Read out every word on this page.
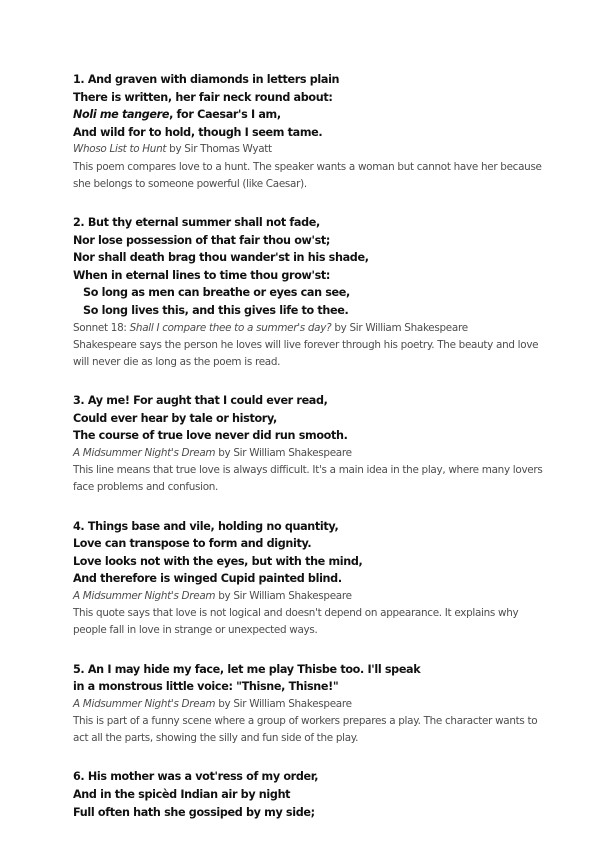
1. And graven with diamonds in letters plain
There is written, her fair neck round about:
Noli me tangere, for Caesar's I am,
And wild for to hold, though I seem tame.
Whoso List to Hunt by Sir Thomas Wyatt
This poem compares love to a hunt. The speaker wants a woman but cannot have her because she belongs to someone powerful (like Caesar).
2. But thy eternal summer shall not fade,
Nor lose possession of that fair thou ow'st;
Nor shall death brag thou wander'st in his shade,
When in eternal lines to time thou grow'st:
So long as men can breathe or eyes can see,
So long lives this, and this gives life to thee.
Sonnet 18: Shall I compare thee to a summer's day? by Sir William Shakespeare
Shakespeare says the person he loves will live forever through his poetry. The beauty and love will never die as long as the poem is read.
3. Ay me! For aught that I could ever read,
Could ever hear by tale or history,
The course of true love never did run smooth.
A Midsummer Night's Dream by Sir William Shakespeare
This line means that true love is always difficult. It's a main idea in the play, where many lovers face problems and confusion.
4. Things base and vile, holding no quantity,
Love can transpose to form and dignity.
Love looks not with the eyes, but with the mind,
And therefore is winged Cupid painted blind.
A Midsummer Night's Dream by Sir William Shakespeare
This quote says that love is not logical and doesn't depend on appearance. It explains why people fall in love in strange or unexpected ways.
5. An I may hide my face, let me play Thisbe too. I'll speak
in a monstrous little voice: "Thisne, Thisne!"
A Midsummer Night's Dream by Sir William Shakespeare
This is part of a funny scene where a group of workers prepares a play. The character wants to act all the parts, showing the silly and fun side of the play.
6. His mother was a vot'ress of my order,
And in the spicèd Indian air by night
Full often hath she gossiped by my side;
